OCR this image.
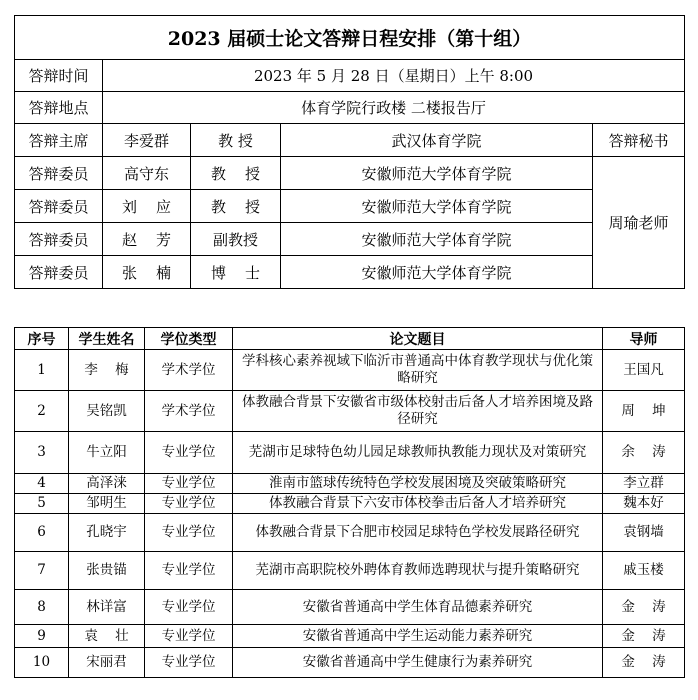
2023 届硕士论文答辩日程安排（第十组）				
答辩时间	2023 年 5 月 28 日（星期日）上午 8:00			
答辩地点	体育学院行政楼 二楼报告厅			
答辩主席	李爱群	教 授	武汉体育学院	答辩秘书
答辩委员	高守东	教    授	安徽师范大学体育学院	周瑜老师
答辩委员	刘    应	教    授	安徽师范大学体育学院	
答辩委员	赵    芳	副教授	安徽师范大学体育学院	
答辩委员	张    楠	博    士	安徽师范大学体育学院	
序号	学生姓名	学位类型	论文题目	导师
1	李    梅	学术学位	学科核心素养视域下临沂市普通高中体育教学现状与优化策略研究	王国凡
2	吴铭凯	学术学位	体教融合背景下安徽省市级体校射击后备人才培养困境及路径研究	周    坤
3	牛立阳	专业学位	芜湖市足球特色幼儿园足球教师执教能力现状及对策研究	余    涛
4	高泽涞	专业学位	淮南市篮球传统特色学校发展困境及突破策略研究	李立群
5	邹明生	专业学位	体教融合背景下六安市体校拳击后备人才培养研究	魏本好
6	孔晓宇	专业学位	体教融合背景下合肥市校园足球特色学校发展路径研究	袁钢墙
7	张贵锚	专业学位	芜湖市高职院校外聘体育教师选聘现状与提升策略研究	戚玉楼
8	林详富	专业学位	安徽省普通高中学生体育品德素养研究	金    涛
9	袁    壮	专业学位	安徽省普通高中学生运动能力素养研究	金    涛
10	宋丽君	专业学位	安徽省普通高中学生健康行为素养研究	金    涛
